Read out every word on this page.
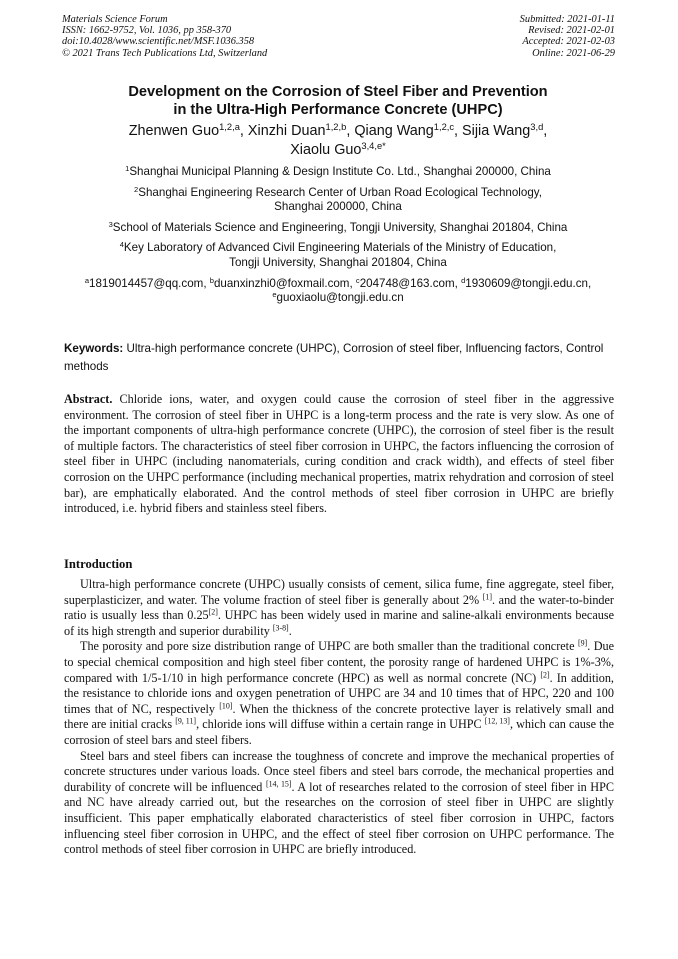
Materials Science Forum
ISSN: 1662-9752, Vol. 1036, pp 358-370
doi:10.4028/www.scientific.net/MSF.1036.358
© 2021 Trans Tech Publications Ltd, Switzerland
Submitted: 2021-01-11
Revised: 2021-02-01
Accepted: 2021-02-03
Online: 2021-06-29
Development on the Corrosion of Steel Fiber and Prevention
in the Ultra-High Performance Concrete (UHPC)
Zhenwen Guo$^{1,2,a}$, Xinzhi Duan$^{1,2,b}$, Qiang Wang$^{1,2,c}$, Sijia Wang$^{3,d}$,
Xiaolu Guo$^{3,4,e*}$
$^1$Shanghai Municipal Planning & Design Institute Co. Ltd., Shanghai 200000, China
$^2$Shanghai Engineering Research Center of Urban Road Ecological Technology,
Shanghai 200000, China
$^3$School of Materials Science and Engineering, Tongji University, Shanghai 201804, China
$^4$Key Laboratory of Advanced Civil Engineering Materials of the Ministry of Education,
Tongji University, Shanghai 201804, China
$^a$1819014457@qq.com, $^b$duanxinzhi0@foxmail.com, $^c$204748@163.com, $^d$1930609@tongji.edu.cn,
$^e$guoxiaolu@tongji.edu.cn
Keywords: Ultra-high performance concrete (UHPC), Corrosion of steel fiber, Influencing factors, Control methods
Abstract. Chloride ions, water, and oxygen could cause the corrosion of steel fiber in the aggressive environment. The corrosion of steel fiber in UHPC is a long-term process and the rate is very slow. As one of the important components of ultra-high performance concrete (UHPC), the corrosion of steel fiber is the result of multiple factors. The characteristics of steel fiber corrosion in UHPC, the factors influencing the corrosion of steel fiber in UHPC (including nanomaterials, curing condition and crack width), and effects of steel fiber corrosion on the UHPC performance (including mechanical properties, matrix rehydration and corrosion of steel bar), are emphatically elaborated. And the control methods of steel fiber corrosion in UHPC are briefly introduced, i.e. hybrid fibers and stainless steel fibers.
Introduction

Ultra-high performance concrete (UHPC) usually consists of cement, silica fume, fine aggregate, steel fiber, superplasticizer, and water. The volume fraction of steel fiber is generally about 2% [1]. and the water-to-binder ratio is usually less than 0.25[2]. UHPC has been widely used in marine and saline-alkali environments because of its high strength and superior durability [3-8].

The porosity and pore size distribution range of UHPC are both smaller than the traditional concrete [9]. Due to special chemical composition and high steel fiber content, the porosity range of hardened UHPC is 1%-3%, compared with 1/5-1/10 in high performance concrete (HPC) as well as normal concrete (NC) [2]. In addition, the resistance to chloride ions and oxygen penetration of UHPC are 34 and 10 times that of HPC, 220 and 100 times that of NC, respectively [10]. When the thickness of the concrete protective layer is relatively small and there are initial cracks [9, 11], chloride ions will diffuse within a certain range in UHPC [12, 13], which can cause the corrosion of steel bars and steel fibers.

Steel bars and steel fibers can increase the toughness of concrete and improve the mechanical properties of concrete structures under various loads. Once steel fibers and steel bars corrode, the mechanical properties and durability of concrete will be influenced [14, 15]. A lot of researches related to the corrosion of steel fiber in HPC and NC have already carried out, but the researches on the corrosion of steel fiber in UHPC are slightly insufficient. This paper emphatically elaborated characteristics of steel fiber corrosion in UHPC, factors influencing steel fiber corrosion in UHPC, and the effect of steel fiber corrosion on UHPC performance. The control methods of steel fiber corrosion in UHPC are briefly introduced.
